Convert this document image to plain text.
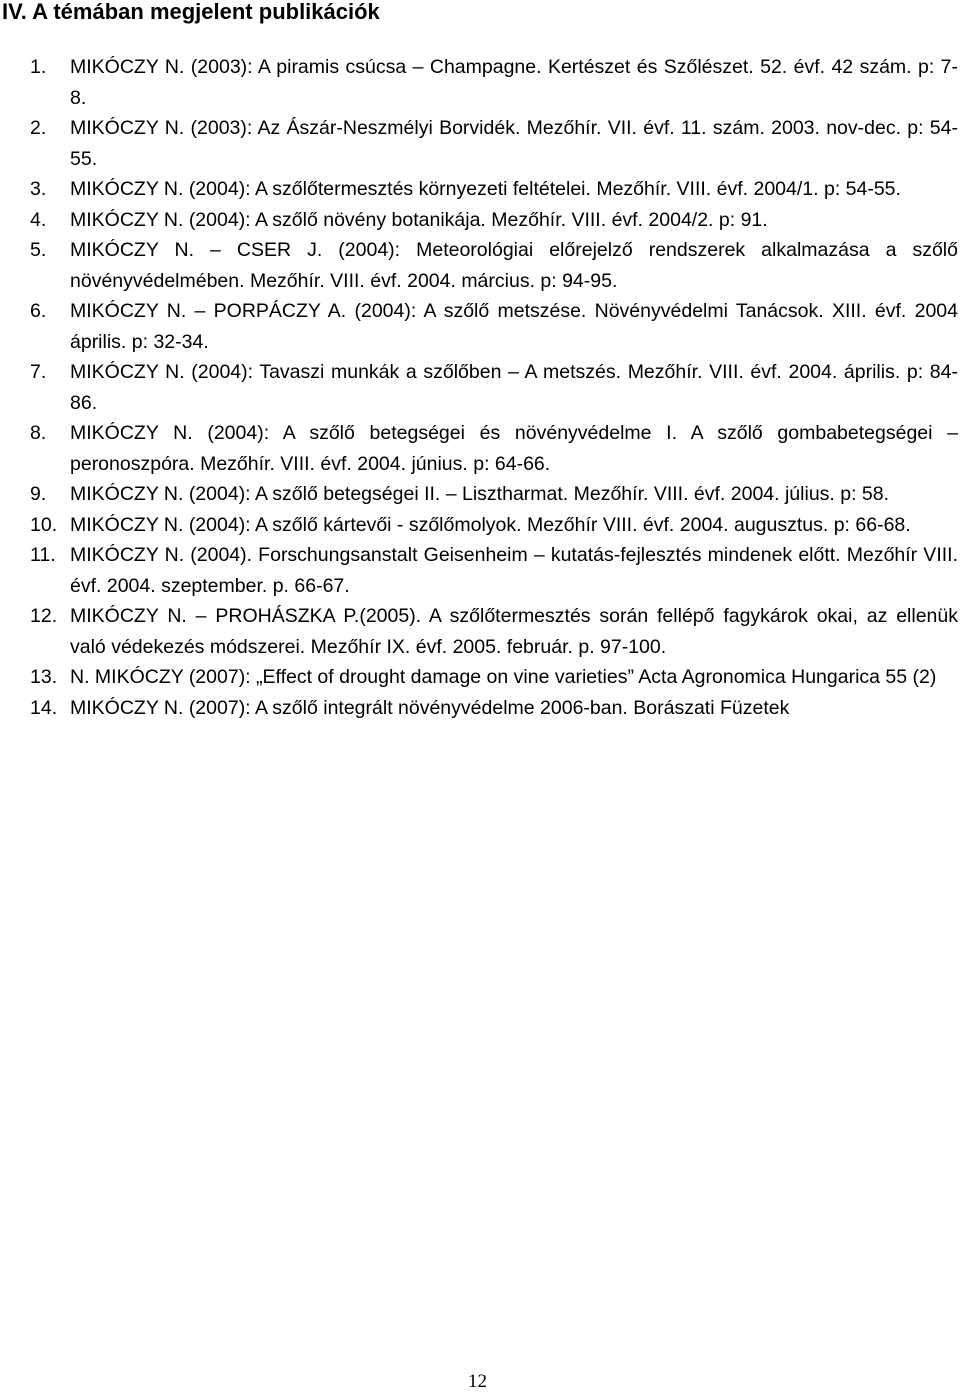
IV. A témában megjelent publikációk
1.	MIKÓCZY N. (2003): A piramis csúcsa – Champagne. Kertészet és Szőlészet. 52. évf. 42 szám. p: 7-8.
2.	MIKÓCZY N. (2003): Az Ászár-Neszmélyi Borvidék. Mezőhír. VII. évf. 11. szám. 2003. nov-dec. p: 54-55.
3.	MIKÓCZY N. (2004): A szőlőtermesztés környezeti feltételei. Mezőhír. VIII. évf. 2004/1. p: 54-55.
4.	MIKÓCZY N. (2004): A szőlő növény botanikája. Mezőhír. VIII. évf. 2004/2. p: 91.
5.	MIKÓCZY N. – CSER J. (2004): Meteorológiai előrejelző rendszerek alkalmazása a szőlő növényvédelmében. Mezőhír. VIII. évf. 2004. március. p: 94-95.
6.	MIKÓCZY N. – PORPÁCZY A. (2004): A szőlő metszése. Növényvédelmi Tanácsok. XIII. évf. 2004 április. p: 32-34.
7.	MIKÓCZY N. (2004): Tavaszi munkák a szőlőben – A metszés. Mezőhír. VIII. évf. 2004. április. p: 84-86.
8.	MIKÓCZY N. (2004): A szőlő betegségei és növényvédelme I. A szőlő gombabetegségei – peronoszpóra. Mezőhír. VIII. évf. 2004. június. p: 64-66.
9.	MIKÓCZY N. (2004): A szőlő betegségei II. – Lisztharmat. Mezőhír. VIII. évf. 2004. július. p: 58.
10. MIKÓCZY N. (2004): A szőlő kártevői - szőlőmolyok. Mezőhír VIII. évf. 2004. augusztus. p: 66-68.
11. MIKÓCZY N. (2004). Forschungsanstalt Geisenheim – kutatás-fejlesztés mindenek előtt. Mezőhír VIII. évf. 2004. szeptember. p. 66-67.
12. MIKÓCZY N. – PROHÁSZKA P.(2005). A szőlőtermesztés során fellépő fagykárok okai, az ellenük való védekezés módszerei. Mezőhír IX. évf. 2005. február. p. 97-100.
13. N. MIKÓCZY (2007): „Effect of drought damage on vine varieties” Acta Agronomica Hungarica 55 (2)
14. MIKÓCZY N. (2007): A szőlő integrált növényvédelme 2006-ban. Borászati Füzetek
12
